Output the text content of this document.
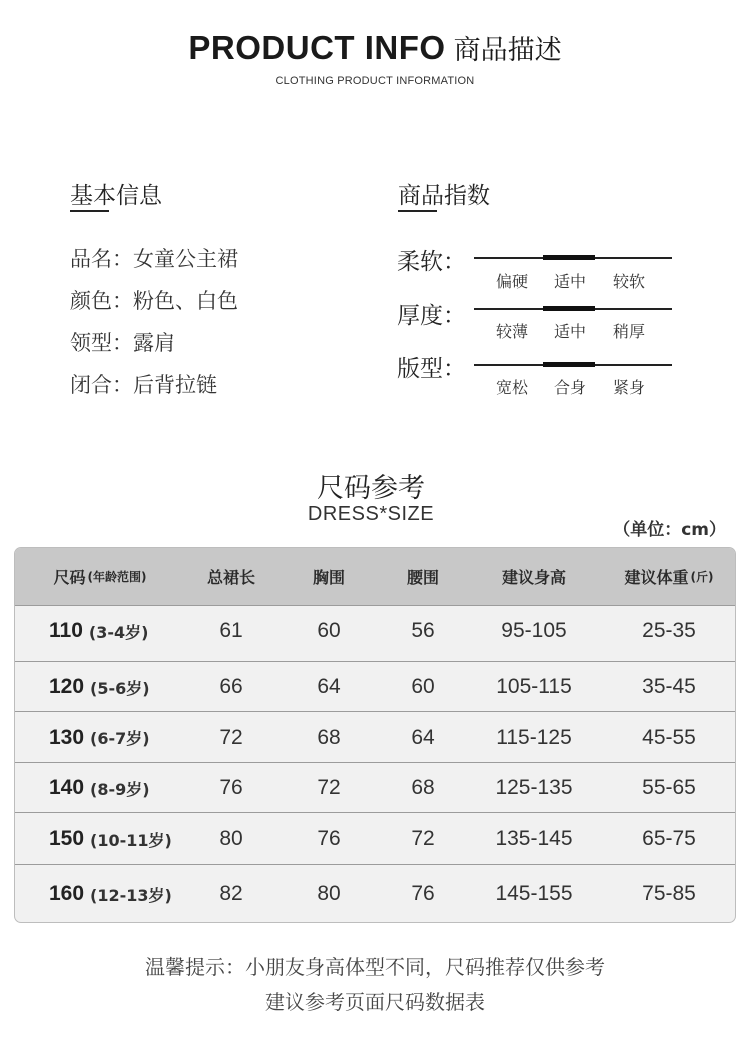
PRODUCT INFO 商品描述
CLOTHING PRODUCT INFORMATION
基本信息
品名：女童公主裙
颜色：粉色、白色
领型：露肩
闭合：后背拉链
商品指数
柔软：
偏硬	适中	较软
厚度：
较薄	适中	稍厚
版型：
宽松	合身	紧身
尺码参考
DRESS*SIZE
（单位：cm）
尺码 (年龄范围)	总裙长	胸围	腰围	建议身高	建议体重 (斤)
110 (3-4岁)	61	60	56	95-105	25-35
120 (5-6岁)	66	64	60	105-115	35-45
130 (6-7岁)	72	68	64	115-125	45-55
140 (8-9岁)	76	72	68	125-135	55-65
150 (10-11岁)	80	76	72	135-145	65-75
160 (12-13岁)	82	80	76	145-155	75-85
温馨提示：小朋友身高体型不同，尺码推荐仅供参考
建议参考页面尺码数据表
